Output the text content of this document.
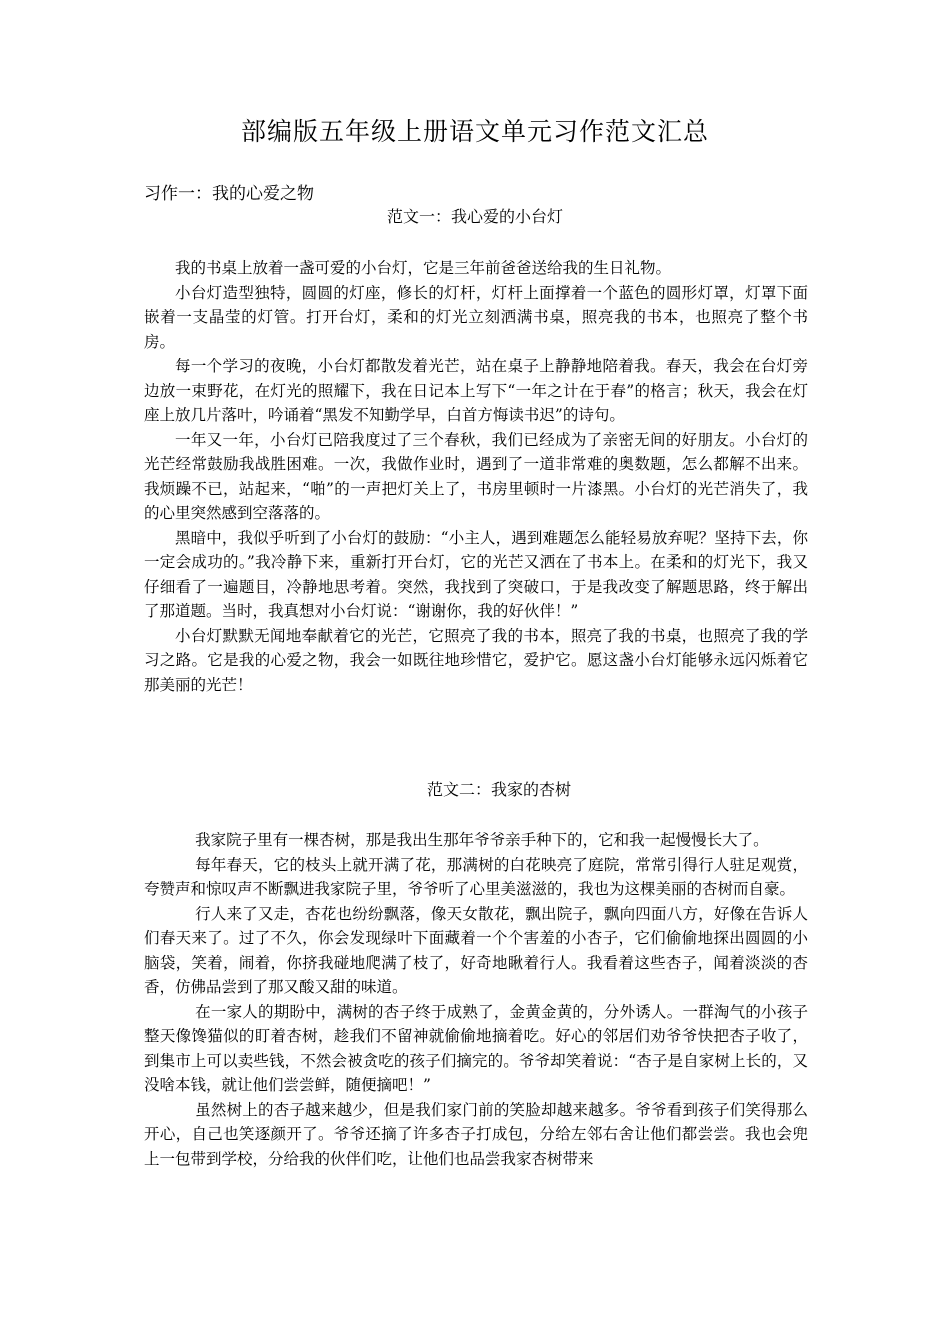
部编版五年级上册语文单元习作范文汇总
习作一：我的心爱之物
范文一：我心爱的小台灯

我的书桌上放着一盏可爱的小台灯，它是三年前爸爸送给我的生日礼物。

小台灯造型独特，圆圆的灯座，修长的灯杆，灯杆上面撑着一个蓝色的圆形灯罩，灯罩下面嵌着一支晶莹的灯管。打开台灯，柔和的灯光立刻洒满书桌，照亮我的书本，也照亮了整个书房。

每一个学习的夜晚，小台灯都散发着光芒，站在桌子上静静地陪着我。春天，我会在台灯旁边放一束野花，在灯光的照耀下，我在日记本上写下“一年之计在于春”的格言；秋天，我会在灯座上放几片落叶，吟诵着“黑发不知勤学早，白首方悔读书迟”的诗句。

一年又一年，小台灯已陪我度过了三个春秋，我们已经成为了亲密无间的好朋友。小台灯的光芒经常鼓励我战胜困难。一次，我做作业时，遇到了一道非常难的奥数题，怎么都解不出来。我烦躁不已，站起来，“啪”的一声把灯关上了，书房里顿时一片漆黑。小台灯的光芒消失了，我的心里突然感到空落落的。

黑暗中，我似乎听到了小台灯的鼓励：“小主人，遇到难题怎么能轻易放弃呢？坚持下去，你一定会成功的。”我冷静下来，重新打开台灯，它的光芒又洒在了书本上。在柔和的灯光下，我又仔细看了一遍题目，冷静地思考着。突然，我找到了突破口，于是我改变了解题思路，终于解出了那道题。当时，我真想对小台灯说：“谢谢你，我的好伙伴！”

小台灯默默无闻地奉献着它的光芒，它照亮了我的书本，照亮了我的书桌，也照亮了我的学习之路。它是我的心爱之物，我会一如既往地珍惜它，爱护它。愿这盏小台灯能够永远闪烁着它那美丽的光芒！

范文二：我家的杏树

我家院子里有一棵杏树，那是我出生那年爷爷亲手种下的，它和我一起慢慢长大了。

每年春天，它的枝头上就开满了花，那满树的白花映亮了庭院，常常引得行人驻足观赏，夸赞声和惊叹声不断飘进我家院子里，爷爷听了心里美滋滋的，我也为这棵美丽的杏树而自豪。

行人来了又走，杏花也纷纷飘落，像天女散花，飘出院子，飘向四面八方，好像在告诉人们春天来了。过了不久，你会发现绿叶下面藏着一个个害羞的小杏子，它们偷偷地探出圆圆的小脑袋，笑着，闹着，你挤我碰地爬满了枝了，好奇地瞅着行人。我看着这些杏子，闻着淡淡的杏香，仿佛品尝到了那又酸又甜的味道。

在一家人的期盼中，满树的杏子终于成熟了，金黄金黄的，分外诱人。一群淘气的小孩子整天像馋猫似的盯着杏树，趁我们不留神就偷偷地摘着吃。好心的邻居们劝爷爷快把杏子收了，到集市上可以卖些钱，不然会被贪吃的孩子们摘完的。爷爷却笑着说：“杏子是自家树上长的，又没啥本钱，就让他们尝尝鲜，随便摘吧！”

虽然树上的杏子越来越少，但是我们家门前的笑脸却越来越多。爷爷看到孩子们笑得那么开心，自己也笑逐颜开了。爷爷还摘了许多杏子打成包，分给左邻右舍让他们都尝尝。我也会兜上一包带到学校，分给我的伙伴们吃，让他们也品尝我家杏树带来
